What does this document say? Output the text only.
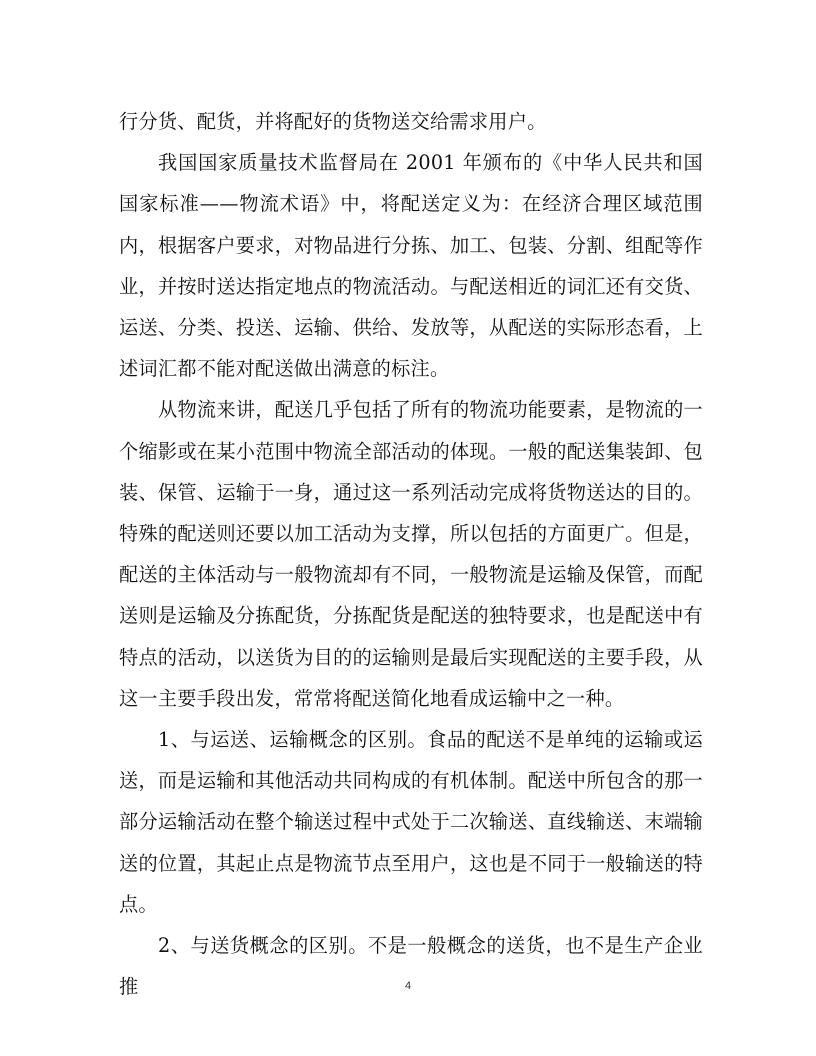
行分货、配货，并将配好的货物送交给需求用户。

我国国家质量技术监督局在 2001 年颁布的《中华人民共和国国家标准——物流术语》中，将配送定义为：在经济合理区域范围内，根据客户要求，对物品进行分拣、加工、包装、分割、组配等作业，并按时送达指定地点的物流活动。与配送相近的词汇还有交货、运送、分类、投送、运输、供给、发放等，从配送的实际形态看，上述词汇都不能对配送做出满意的标注。

从物流来讲，配送几乎包括了所有的物流功能要素，是物流的一个缩影或在某小范围中物流全部活动的体现。一般的配送集装卸、包装、保管、运输于一身，通过这一系列活动完成将货物送达的目的。特殊的配送则还要以加工活动为支撑，所以包括的方面更广。但是，配送的主体活动与一般物流却有不同，一般物流是运输及保管，而配送则是运输及分拣配货，分拣配货是配送的独特要求，也是配送中有特点的活动，以送货为目的的运输则是最后实现配送的主要手段，从这一主要手段出发，常常将配送简化地看成运输中之一种。

1、与运送、运输概念的区别。食品的配送不是单纯的运输或运送，而是运输和其他活动共同构成的有机体制。配送中所包含的那一部分运输活动在整个输送过程中式处于二次输送、直线输送、末端输送的位置，其起止点是物流节点至用户，这也是不同于一般输送的特点。

2、与送货概念的区别。不是一般概念的送货，也不是生产企业推	4
